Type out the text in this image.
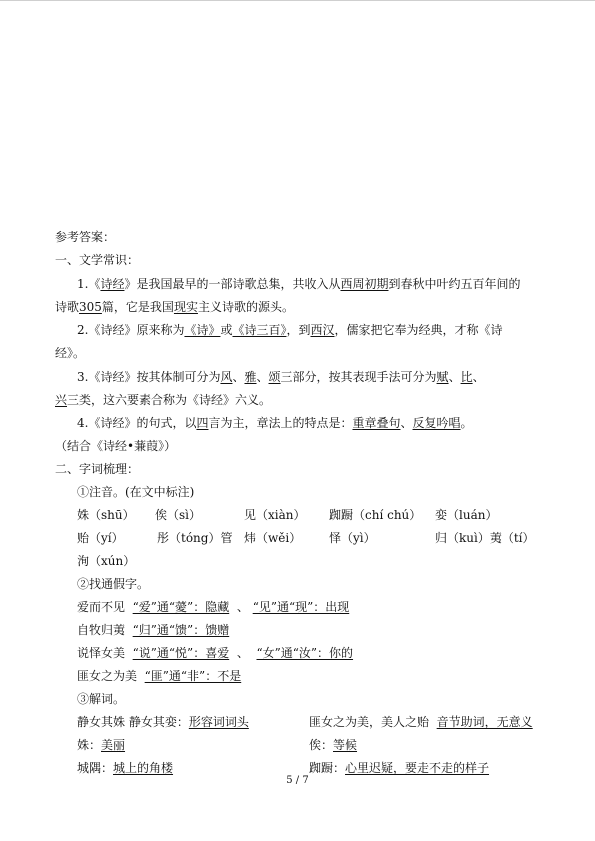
参考答案：
一、文学常识：
1.《诗经》是我国最早的一部诗歌总集，共收入从西周初期到春秋中叶约五百年间的
诗歌305篇，它是我国现实主义诗歌的源头。
2.《诗经》原来称为《诗》或《诗三百》，到西汉，儒家把它奉为经典，才称《诗
经》。
3.《诗经》按其体制可分为风、雅、颂三部分，按其表现手法可分为赋、比、
兴三类，这六要素合称为《诗经》六义。
4.《诗经》的句式，以四言为主，章法上的特点是：重章叠句、反复吟唱。
（结合《诗经•蒹葭》）
二、字词梳理：
①注音。(在文中标注)
姝（shū） 俟（sì）	见（xiàn） 踟蹰（chí chú） 娈（luán）
贻（yí）	彤（tóng）管 炜（wěi） 怿（yì）	归（kuì）荑（tí）
洵（xún）
②找通假字。
爱而不见 “爱”通“薆”：隐藏 、 “见”通“现”：出现
自牧归荑 “归”通“馈”：馈赠
说怿女美 “说”通“悦”：喜爱 、 “女”通“汝”：你的
匪女之为美 “匪”通“非”：不是
③解词。
静女其姝 静女其娈：形容词词头	匪女之为美，美人之贻 音节助词，无意义
姝：美丽	俟：等候
城隅：城上的角楼	踟蹰：心里迟疑，要走不走的样子
5 / 7
